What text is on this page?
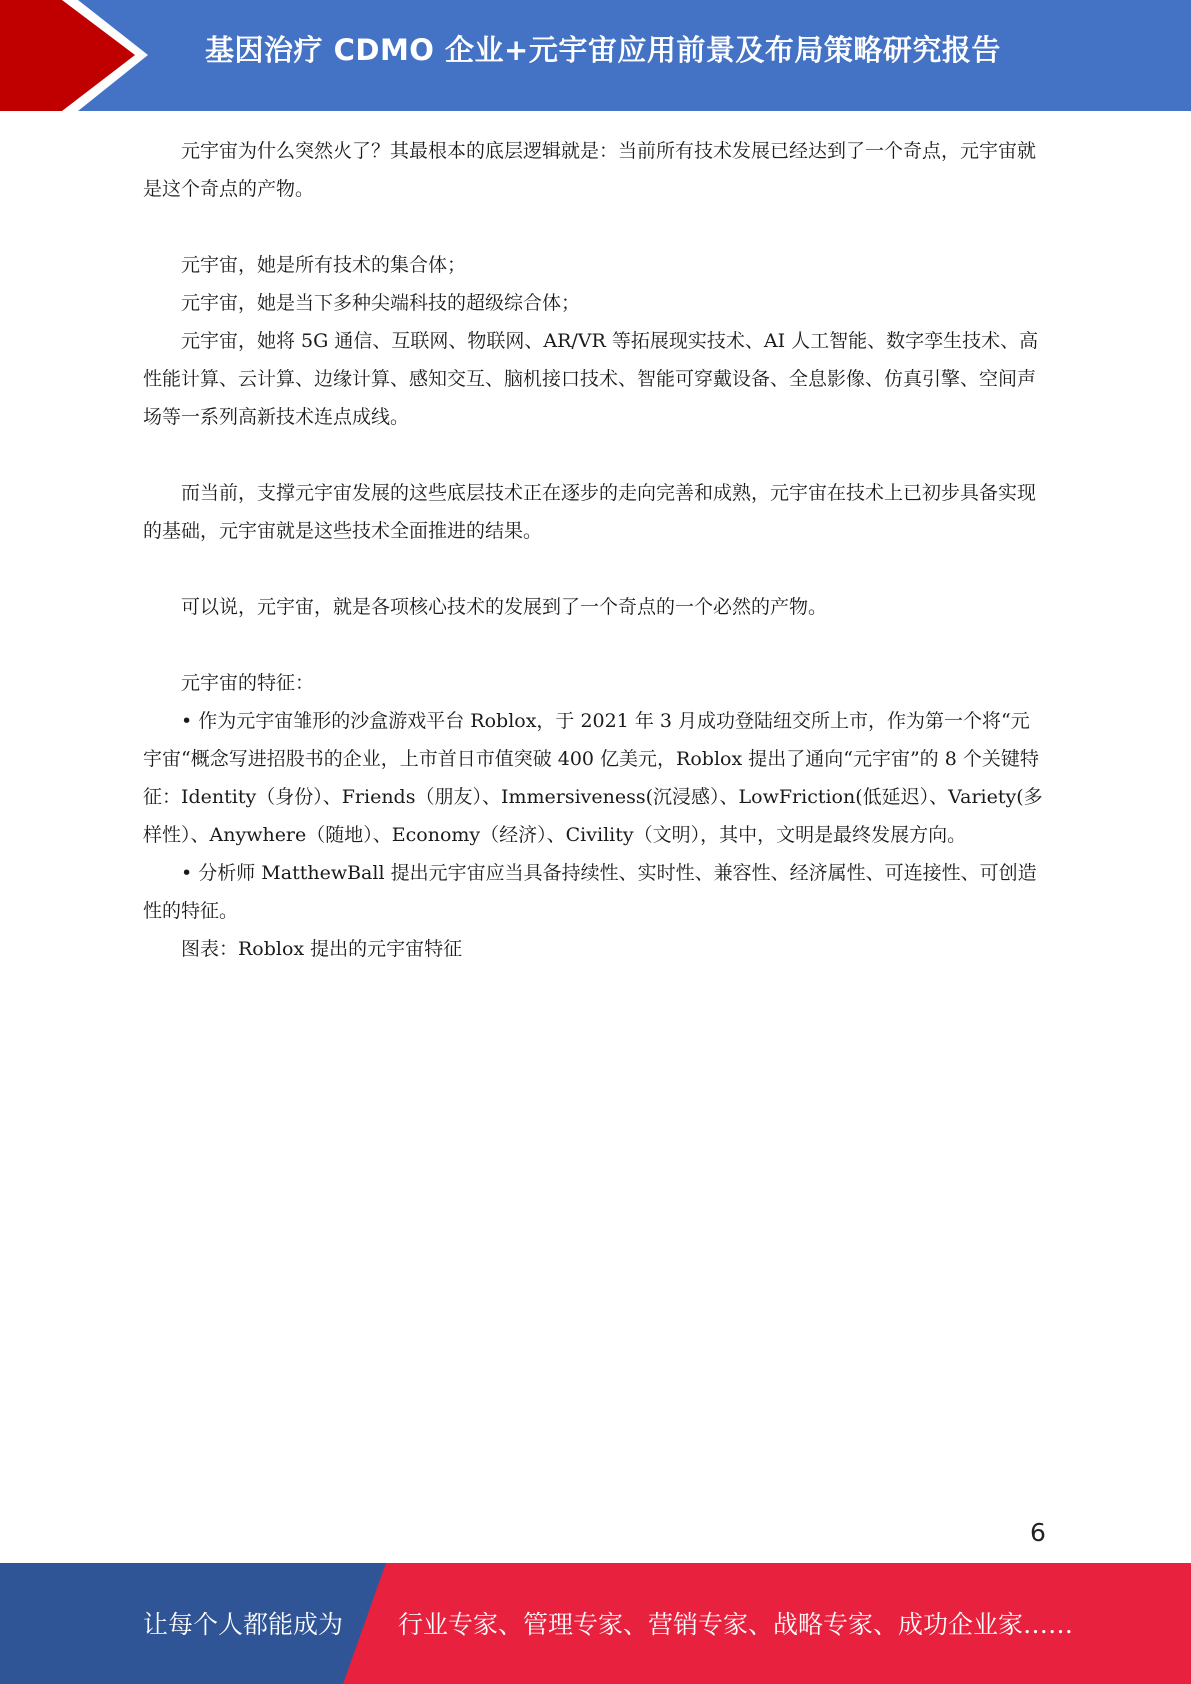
基因治疗 CDMO 企业+元宇宙应用前景及布局策略研究报告

元宇宙为什么突然火了？其最根本的底层逻辑就是：当前所有技术发展已经达到了一个奇点，元宇宙就是这个奇点的产物。

元宇宙，她是所有技术的集合体；

元宇宙，她是当下多种尖端科技的超级综合体；

元宇宙，她将 5G 通信、互联网、物联网、AR/VR 等拓展现实技术、AI 人工智能、数字孪生技术、高性能计算、云计算、边缘计算、感知交互、脑机接口技术、智能可穿戴设备、全息影像、仿真引擎、空间声场等一系列高新技术连点成线。

而当前，支撑元宇宙发展的这些底层技术正在逐步的走向完善和成熟，元宇宙在技术上已初步具备实现的基础，元宇宙就是这些技术全面推进的结果。

可以说，元宇宙，就是各项核心技术的发展到了一个奇点的一个必然的产物。

元宇宙的特征：

• 作为元宇宙雏形的沙盒游戏平台 Roblox，于 2021 年 3 月成功登陆纽交所上市，作为第一个将“元宇宙“概念写进招股书的企业，上市首日市值突破 400 亿美元，Roblox 提出了通向“元宇宙”的 8 个关键特征：Identity（身份）、Friends（朋友）、Immersiveness(沉浸感）、LowFriction(低延迟）、Variety(多样性）、Anywhere（随地）、Economy（经济）、Civility（文明），其中，文明是最终发展方向。

• 分析师 MatthewBall 提出元宇宙应当具备持续性、实时性、兼容性、经济属性、可连接性、可创造性的特征。

图表：Roblox 提出的元宇宙特征

6
让每个人都能成为 行业专家、管理专家、营销专家、战略专家、成功企业家……
